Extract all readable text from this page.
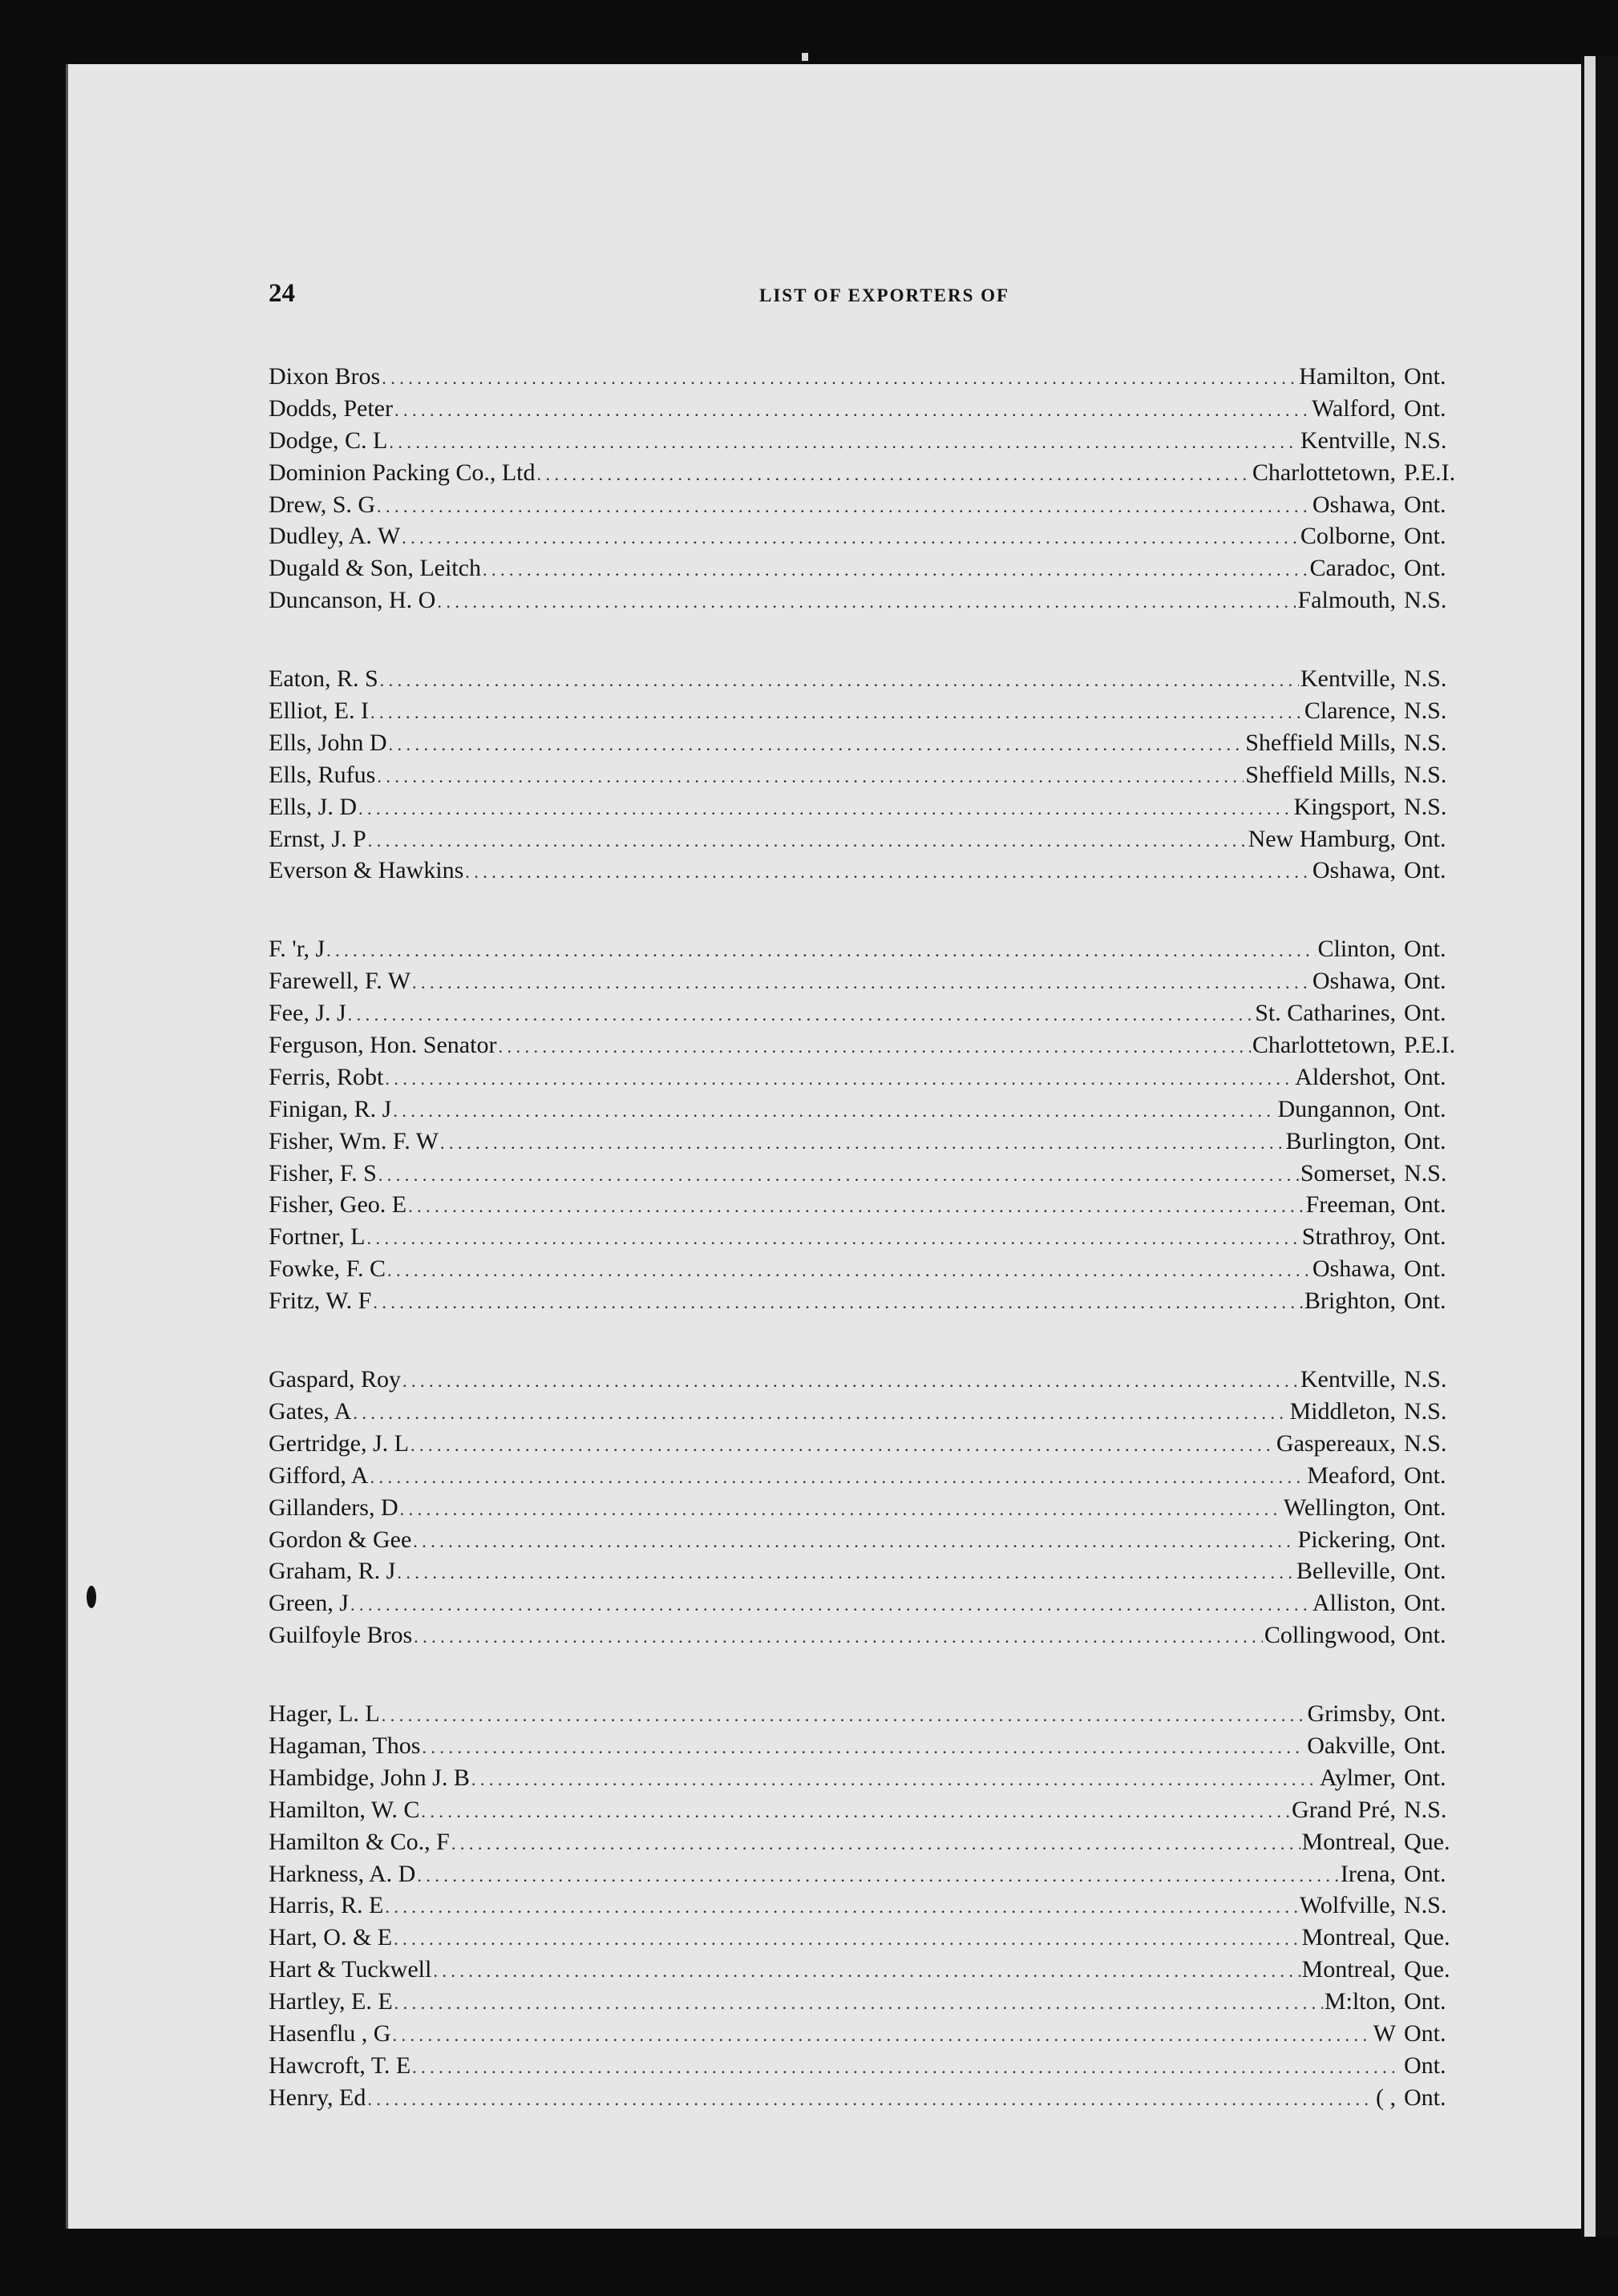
24	LIST OF EXPORTERS OF
Dixon Bros . . .	Hamilton, Ont.
Dodds, Peter . . .	Walford, Ont.
Dodge, C. L . . .	Kentville, N.S.
Dominion Packing Co., Ltd . . .	Charlottetown, P.E.I.
Drew, S. G . . .	Oshawa, Ont.
Dudley, A. W . . .	Colborne, Ont.
Dugald & Son, Leitch . . .	Caradoc, Ont.
Duncanson, H. O . . .	Falmouth, N.S.
Eaton, R. S . . .	Kentville, N.S.
Elliot, E. I . . .	Clarence, N.S.
Ells, John D . . .	Sheffield Mills, N.S.
Ells, Rufus . . .	Sheffield Mills, N.S.
Ells, J. D . . .	Kingsport, N.S.
Ernst, J. P . . .	New Hamburg, Ont.
Everson & Hawkins . . .	Oshawa, Ont.
F. 'r, J . . .	Clinton, Ont.
Farewell, F. W . . .	Oshawa, Ont.
Fee, J. J . . .	St. Catharines, Ont.
Ferguson, Hon. Senator . . .	Charlottetown, P.E.I.
Ferris, Robt . . .	Aldershot, Ont.
Finigan, R. J . . .	Dungannon, Ont.
Fisher, Wm. F. W . . .	Burlington, Ont.
Fisher, F. S . . .	Somerset, N.S.
Fisher, Geo. E . . .	Freeman, Ont.
Fortner, L . . .	Strathroy, Ont.
Fowke, F. C . . .	Oshawa, Ont.
Fritz, W. F . . .	Brighton, Ont.
Gaspard, Roy . . .	Kentville, N.S.
Gates, A . . .	Middleton, N.S.
Gertridge, J. L . . .	Gaspereaux, N.S.
Gifford, A . . .	Meaford, Ont.
Gillanders, D . . .	Wellington, Ont.
Gordon & Gee . . .	Pickering, Ont.
Graham, R. J . . .	Belleville, Ont.
Green, J . . .	Alliston, Ont.
Guilfoyle Bros . . .	Collingwood, Ont.
Hager, L. L . . .	Grimsby, Ont.
Hagaman, Thos . . .	Oakville, Ont.
Hambidge, John J. B . . .	Aylmer, Ont.
Hamilton, W. C . . .	Grand Pré, N.S.
Hamilton & Co., F . . .	Montreal, Que.
Harkness, A. D . . .	Irena, Ont.
Harris, R. E . . .	Wolfville, N.S.
Hart, O. & E . . .	Montreal, Que.
Hart & Tuckwell . . .	Montreal, Que.
Hartley, E. E . . .	M:lton, Ont.
Hasenflu , G . . .	W Ont.
Hawcroft, T. E . . .	Ont.
Henry, Ed . . .	( , Ont.
